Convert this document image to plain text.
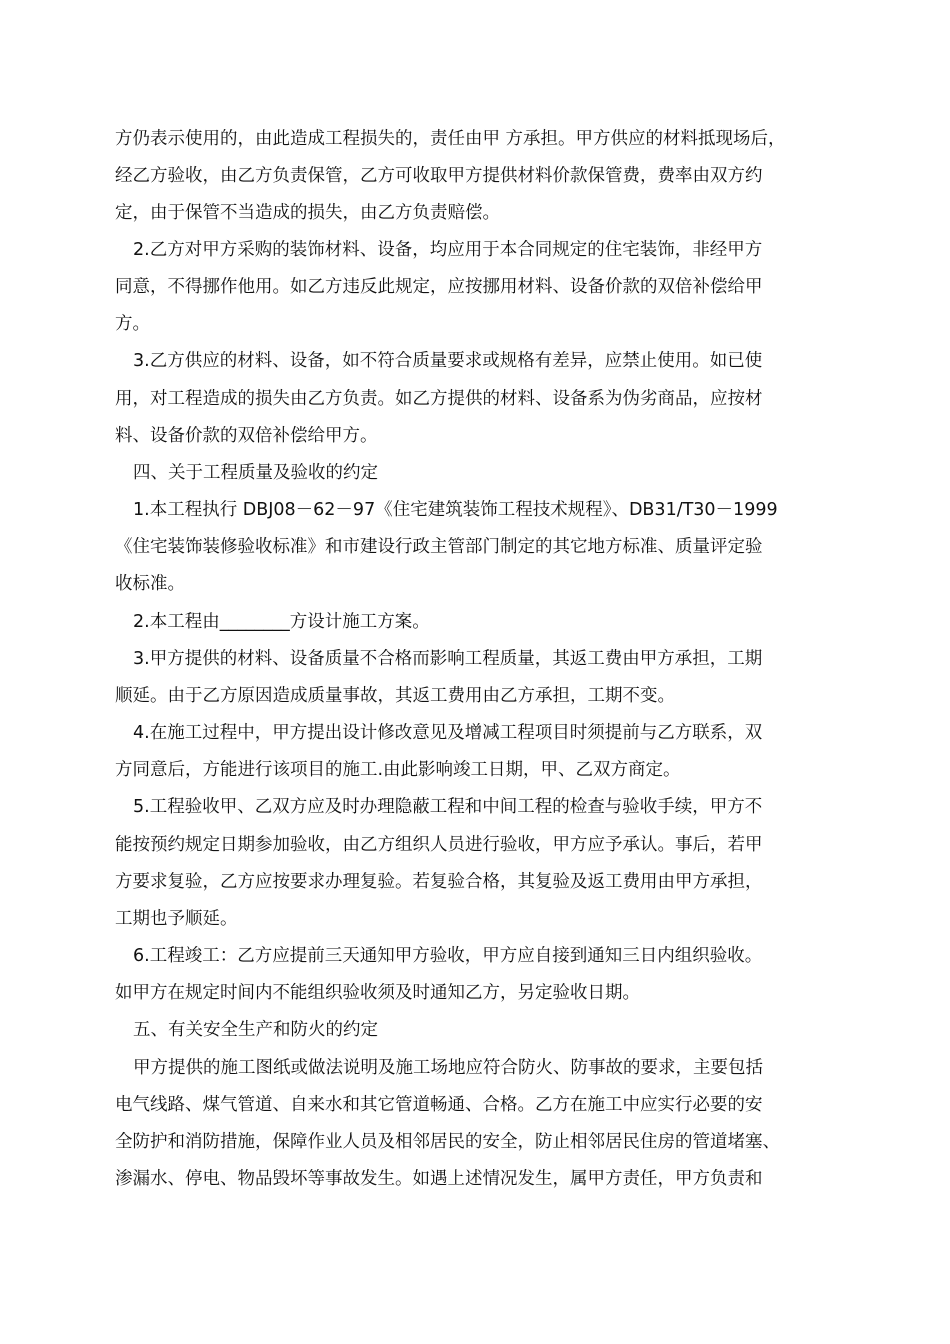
方仍表示使用的，由此造成工程损失的，责任由甲 方承担。甲方供应的材料抵现场后，
经乙方验收，由乙方负责保管，乙方可收取甲方提供材料价款保管费，费率由双方约
定，由于保管不当造成的损失，由乙方负责赔偿。
2.乙方对甲方采购的装饰材料、设备，均应用于本合同规定的住宅装饰，非经甲方
同意，不得挪作他用。如乙方违反此规定，应按挪用材料、设备价款的双倍补偿给甲
方。
3.乙方供应的材料、设备，如不符合质量要求或规格有差异，应禁止使用。如已使
用，对工程造成的损失由乙方负责。如乙方提供的材料、设备系为伪劣商品，应按材
料、设备价款的双倍补偿给甲方。
四、关于工程质量及验收的约定
1.本工程执行 DBJ08－62－97《住宅建筑装饰工程技术规程》、DB31/T30－1999
《住宅装饰装修验收标准》和市建设行政主管部门制定的其它地方标准、质量评定验
收标准。
2.本工程由________方设计施工方案。
3.甲方提供的材料、设备质量不合格而影响工程质量，其返工费由甲方承担，工期
顺延。由于乙方原因造成质量事故，其返工费用由乙方承担，工期不变。
4.在施工过程中，甲方提出设计修改意见及增减工程项目时须提前与乙方联系，双
方同意后，方能进行该项目的施工.由此影响竣工日期，甲、乙双方商定。
5.工程验收甲、乙双方应及时办理隐蔽工程和中间工程的检查与验收手续，甲方不
能按预约规定日期参加验收，由乙方组织人员进行验收，甲方应予承认。事后，若甲
方要求复验，乙方应按要求办理复验。若复验合格，其复验及返工费用由甲方承担，
工期也予顺延。
6.工程竣工：乙方应提前三天通知甲方验收，甲方应自接到通知三日内组织验收。
如甲方在规定时间内不能组织验收须及时通知乙方，另定验收日期。
五、有关安全生产和防火的约定
甲方提供的施工图纸或做法说明及施工场地应符合防火、防事故的要求，主要包括
电气线路、煤气管道、自来水和其它管道畅通、合格。乙方在施工中应实行必要的安
全防护和消防措施，保障作业人员及相邻居民的安全，防止相邻居民住房的管道堵塞、
渗漏水、停电、物品毁坏等事故发生。如遇上述情况发生，属甲方责任，甲方负责和
